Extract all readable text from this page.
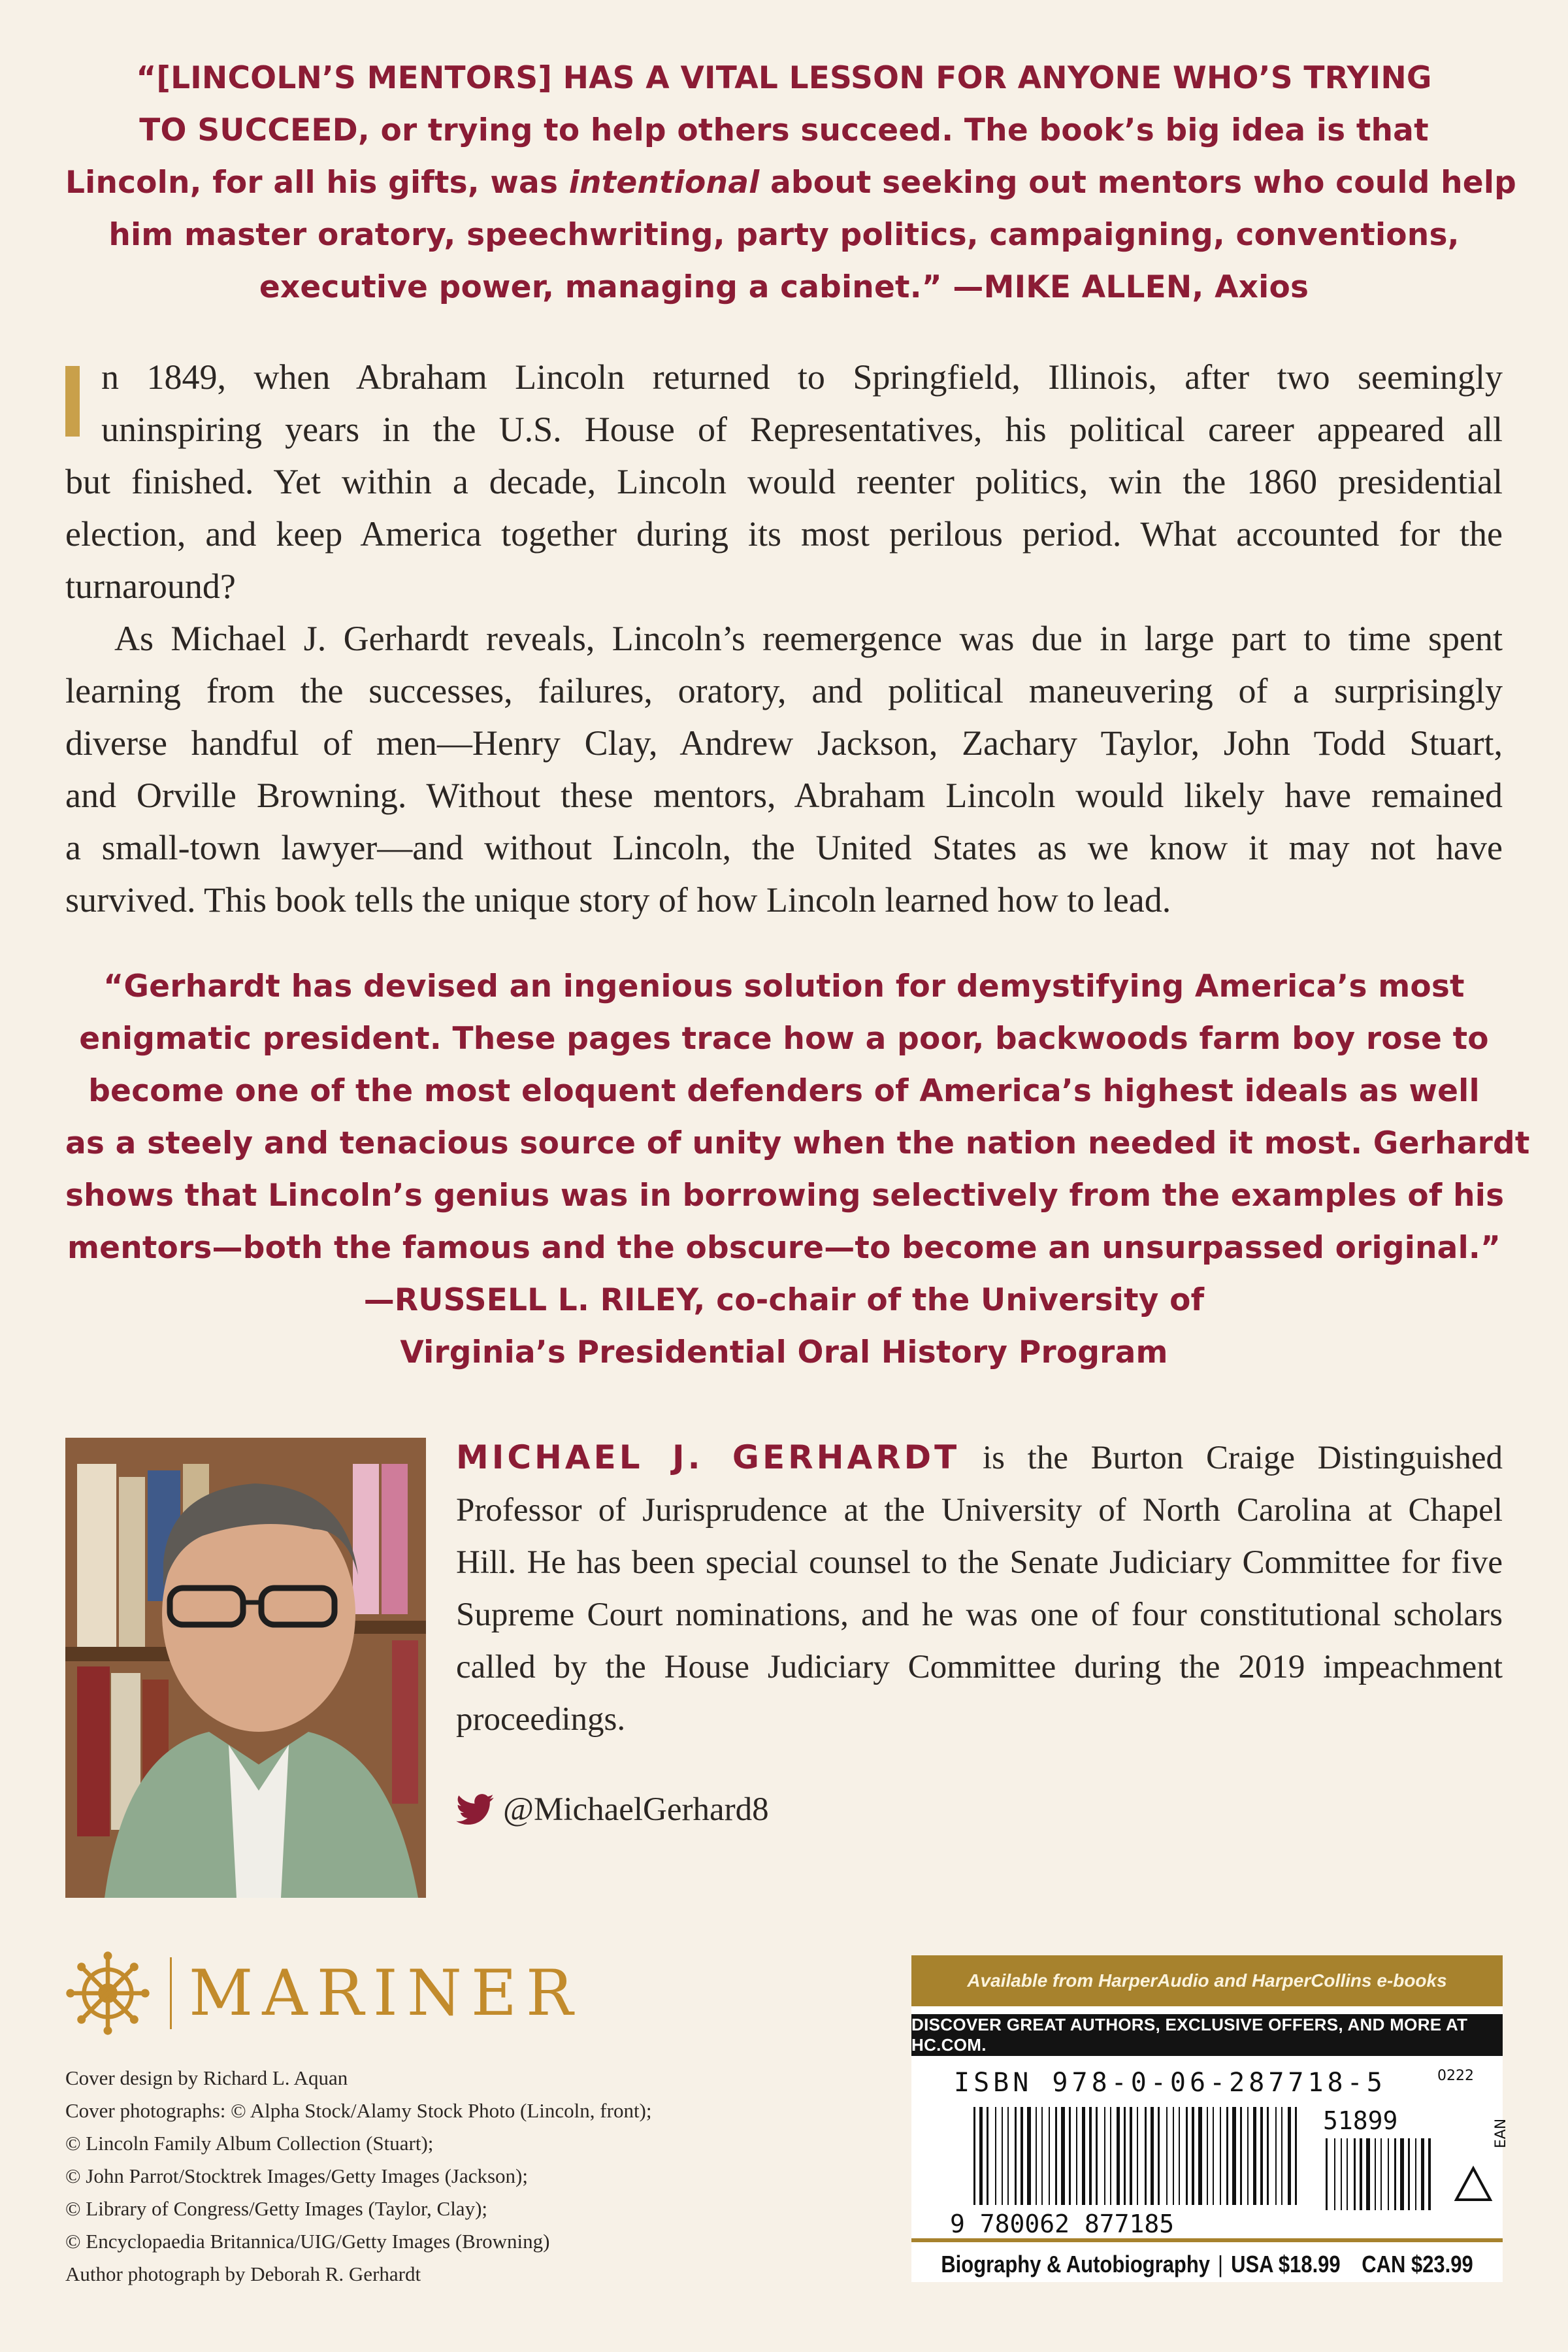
“[LINCOLN’S MENTORS] HAS A VITAL LESSON FOR ANYONE WHO’S TRYING
TO SUCCEED, or trying to help others succeed. The book’s big idea is that
Lincoln, for all his gifts, was intentional about seeking out mentors who could help
him master oratory, speechwriting, party politics, campaigning, conventions,
executive power, managing a cabinet.” —MIKE ALLEN, Axios

n 1849, when Abraham Lincoln returned to Springfield, Illinois, after two seemingly
uninspiring years in the U.S. House of Representatives, his political career appeared all
but finished. Yet within a decade, Lincoln would reenter politics, win the 1860 presidential
election, and keep America together during its most perilous period. What accounted for the
turnaround?

As Michael J. Gerhardt reveals, Lincoln’s reemergence was due in large part to time spent
learning from the successes, failures, oratory, and political maneuvering of a surprisingly
diverse handful of men—Henry Clay, Andrew Jackson, Zachary Taylor, John Todd Stuart,
and Orville Browning. Without these mentors, Abraham Lincoln would likely have remained
a small-town lawyer—and without Lincoln, the United States as we know it may not have
survived. This book tells the unique story of how Lincoln learned how to lead.

“Gerhardt has devised an ingenious solution for demystifying America’s most
enigmatic president. These pages trace how a poor, backwoods farm boy rose to
become one of the most eloquent defenders of America’s highest ideals as well
as a steely and tenacious source of unity when the nation needed it most. Gerhardt
shows that Lincoln’s genius was in borrowing selectively from the examples of his
mentors—both the famous and the obscure—to become an unsurpassed original.”
—RUSSELL L. RILEY, co-chair of the University of
Virginia’s Presidential Oral History Program
MICHAEL J. GERHARDT is the Burton Craige Distinguished
Professor of Jurisprudence at the University of North Carolina at Chapel
Hill. He has been special counsel to the Senate Judiciary Committee for five
Supreme Court nominations, and he was one of four constitutional scholars
called by the House Judiciary Committee during the 2019 impeachment
proceedings.
@MichaelGerhard8
MARINER
Cover design by Richard L. Aquan
Cover photographs: © Alpha Stock/Alamy Stock Photo (Lincoln, front);
© Lincoln Family Album Collection (Stuart);
© John Parrot/Stocktrek Images/Getty Images (Jackson);
© Library of Congress/Getty Images (Taylor, Clay);
© Encyclopaedia Britannica/UIG/Getty Images (Browning)
Author photograph by Deborah R. Gerhardt
Available from HarperAudio and HarperCollins e-books
DISCOVER GREAT AUTHORS, EXCLUSIVE OFFERS, AND MORE AT HC.COM.
ISBN 978-0-06-287718-5	0222
9 780062 877185
51899	EAN
Biography & Autobiography | USA $18.99
CAN $23.99
